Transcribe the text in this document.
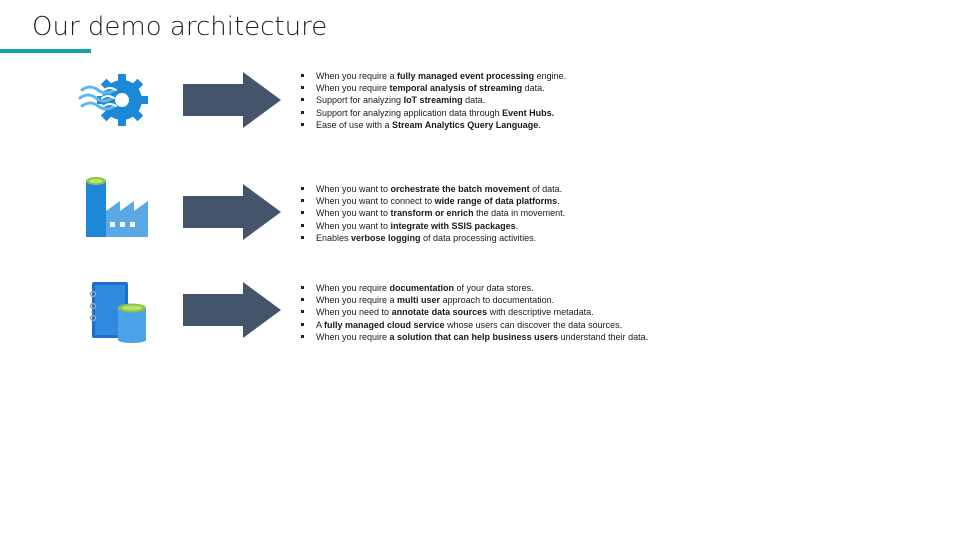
Our demo architecture
When you require a fully managed event processing engine.
When you require temporal analysis of streaming data.
Support for analyzing IoT streaming data.
Support for analyzing application data through Event Hubs.
Ease of use with a Stream Analytics Query Language.
When you want to orchestrate the batch movement of data.
When you want to connect to wide range of data platforms.
When you want to transform or enrich the data in movement.
When you want to integrate with SSIS packages.
Enables verbose logging of data processing activities.
When you require documentation of your data stores.
When you require a multi user approach to documentation.
When you need to annotate data sources with descriptive metadata.
A fully managed cloud service whose users can discover the data sources.
When you require a solution that can help business users understand their data.
